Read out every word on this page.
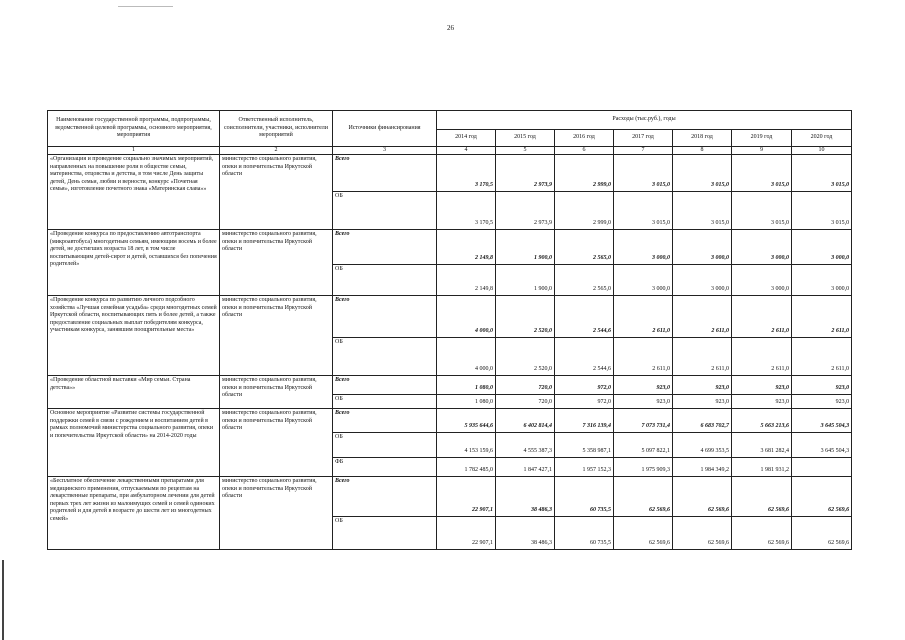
26
Наименование государственной программы, подпрограммы, ведомственной целевой программы, основного мероприятия, мероприятия	Ответственный исполнитель, соисполнители, участники, исполнители мероприятий	Источники финансирования	Расходы (тыс.руб.), годы						
			2014 год	2015 год	2016 год	2017 год	2018 год	2019 год	2020 год
1	2	3	4	5	6	7	8	9	10
«Организация и проведение социально значимых мероприятий, направленных на повышение роли в обществе семьи, материнства, отцовства и детства, в том числе День защиты детей, День семьи, любви и верности, конкурс «Почетная семья», изготовление почетного знака «Материнская слава»»	министерство социального развития, опеки и попечительства Иркутской области	Всего	3 170,5	2 973,9	2 999,0	3 015,0	3 015,0	3 015,0	3 015,0
		ОБ	3 170,5	2 973,9	2 999,0	3 015,0	3 015,0	3 015,0	3 015,0
«Проведение конкурса по предоставлению автотранспорта (микроавтобуса) многодетным семьям, имеющим восемь и более детей, не достигших возраста 18 лет, в том числе воспитывающим детей-сирот и детей, оставшихся без попечения родителей»	министерство социального развития, опеки и попечительства Иркутской области	Всего	2 149,8	1 900,0	2 565,0	3 000,0	3 000,0	3 000,0	3 000,0
		ОБ	2 149,8	1 900,0	2 565,0	3 000,0	3 000,0	3 000,0	3 000,0
«Проведение конкурса по развитию личного подсобного хозяйства «Лучшая семейная усадьба» среди многодетных семей Иркутской области, воспитывающих пять и более детей, а также предоставление социальных выплат победителям конкурса, участникам конкурса, занявшим поощрительные места»	министерство социального развития, опеки и попечительства Иркутской области	Всего	4 000,0	2 520,0	2 544,6	2 611,0	2 611,0	2 611,0	2 611,0
		ОБ	4 000,0	2 520,0	2 544,6	2 611,0	2 611,0	2 611,0	2 611,0
«Проведение областной выставки «Мир семьи. Страна детства»»	министерство социального развития, опеки и попечительства Иркутской области	Всего	1 080,0	720,0	972,0	923,0	923,0	923,0	923,0
		ОБ	1 080,0	720,0	972,0	923,0	923,0	923,0	923,0
Основное мероприятие «Развитие системы государственной поддержки семей в связи с рождением и воспитанием детей в рамках полномочий министерства социального развития, опеки и попечительства Иркутской области» на 2014-2020 годы	министерство социального развития, опеки и попечительства Иркутской области	Всего	5 935 644,6	6 402 814,4	7 316 139,4	7 073 731,4	6 683 702,7	5 663 213,6	3 645 504,3
		ОБ	4 153 159,6	4 555 387,3	5 358 987,1	5 097 822,1	4 699 353,5	3 681 282,4	3 645 504,3
		ФБ	1 782 485,0	1 847 427,1	1 957 152,3	1 975 909,3	1 984 349,2	1 981 931,2	
«Бесплатное обеспечение лекарственными препаратами для медицинского применения, отпускаемыми по рецептам на лекарственные препараты, при амбулаторном лечении для детей первых трех лет жизни из малоимущих семей и семей одиноких родителей и для детей в возрасте до шести лет из многодетных семей»	министерство социального развития, опеки и попечительства Иркутской области	Всего	22 907,1	38 486,3	60 735,5	62 569,6	62 569,6	62 569,6	62 569,6
		ОБ	22 907,1	38 486,3	60 735,5	62 569,6	62 569,6	62 569,6	62 569,6
